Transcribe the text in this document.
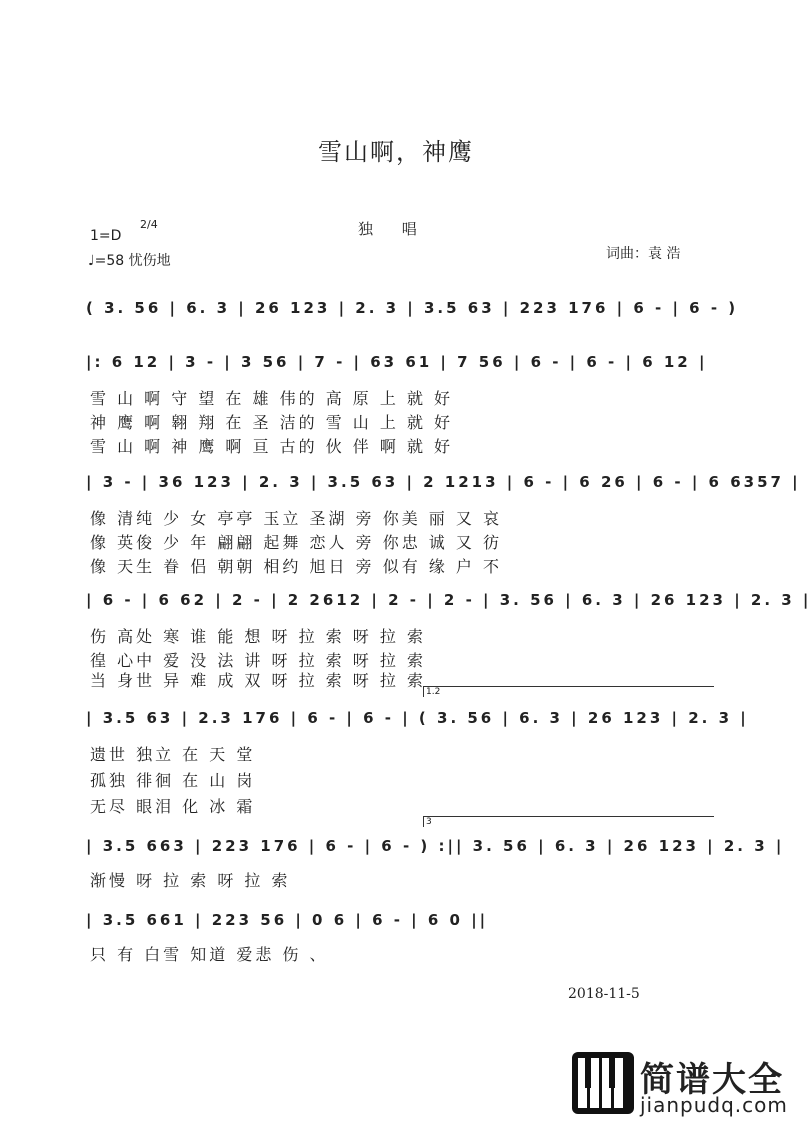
雪山啊，神鹰
独 唱
1=D
2/4
♩=58 忧伤地	词曲：袁 浩
( 3. 56 | 6. 3 | 26 123 | 2. 3 | 3.5 63 | 223 176 | 6 - | 6 - )
|: 6 12 | 3 - | 3 56 | 7 - | 63 61 | 7 56 | 6 - | 6 - | 6 12 |
雪 山 啊 守 望 在 雄 伟的 高 原 上 就 好
神 鹰 啊 翱 翔 在 圣 洁的 雪 山 上 就 好
雪 山 啊 神 鹰 啊 亘 古的 伙 伴 啊 就 好
| 3 - | 36 123 | 2. 3 | 3.5 63 | 2 1213 | 6 - | 6 26 | 6 - | 6 6357 |
像 清纯 少 女 亭亭 玉立 圣湖 旁 你美 丽 又 哀
像 英俊 少 年 翩翩 起舞 恋人 旁 你忠 诚 又 彷
像 天生 眷 侣 朝朝 相约 旭日 旁 似有 缘 户 不
| 6 - | 6 62 | 2 - | 2 2612 | 2 - | 2 - | 3. 56 | 6. 3 | 26 123 | 2. 3 |
伤 高处 寒 谁 能 想 呀 拉 索 呀 拉 索
徨 心中 爱 没 法 讲 呀 拉 索 呀 拉 索
当 身世 异 难 成 双 呀 拉 索 呀 拉 索
1.2
| 3.5 63 | 2.3 176 | 6 - | 6 - | ( 3. 56 | 6. 3 | 26 123 | 2. 3 |
遗世 独立 在 天 堂
孤独 徘徊 在 山 岗
无尽 眼泪 化 冰 霜
3
| 3.5 663 | 223 176 | 6 - | 6 - ) :|| 3. 56 | 6. 3 | 26 123 | 2. 3 |
渐慢 呀 拉 索 呀 拉 索
| 3.5 661 | 223 56 | 0 6 | 6 - | 6 0 ||
只 有 白雪 知道 爱悲 伤 、
2018-11-5
简谱大全
jianpudq.com
